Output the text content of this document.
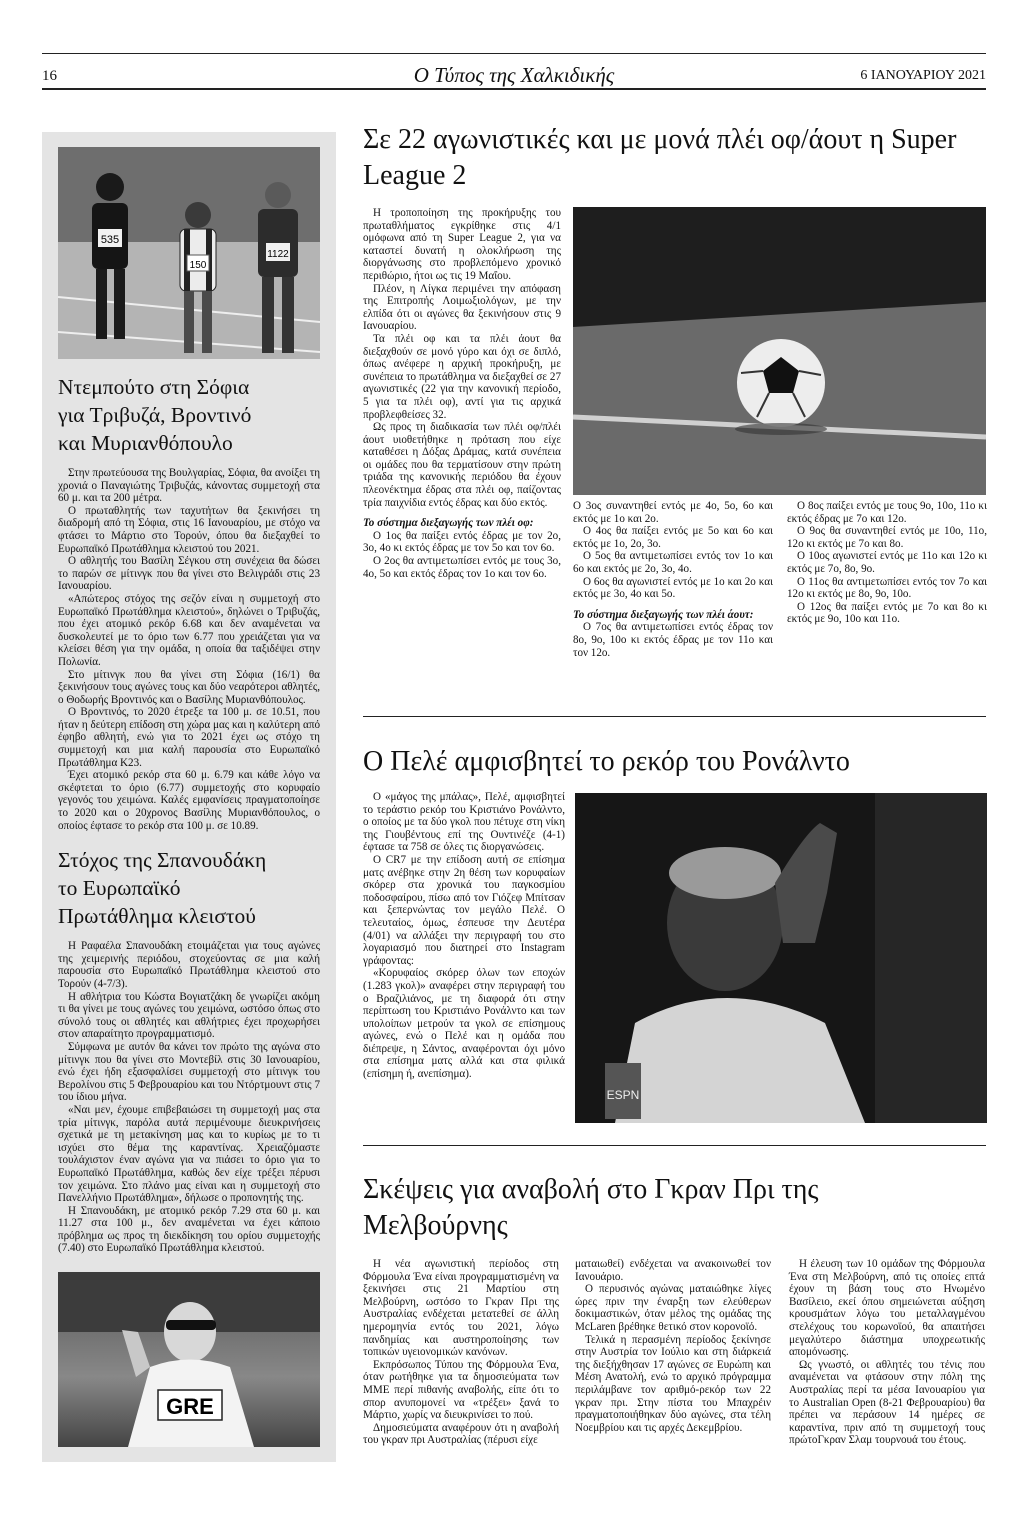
16	Ο Τύπος της Χαλκιδικής	6 ΙΑΝΟΥΑΡΙΟΥ 2021
535
150
1122
Ντεμπούτο στη Σόφια για Τριβυζά, Βροντινό και Μυριανθόπουλο

Στην πρωτεύουσα της Βουλγαρίας, Σόφια, θα ανοίξει τη χρονιά ο Παναγιώτης Τριβυζάς, κάνοντας συμμετοχή στα 60 μ. και τα 200 μέτρα.

Ο πρωταθλητής των ταχυτήτων θα ξεκινήσει τη διαδρομή από τη Σόφια, στις 16 Ιανουαρίου, με στόχο να φτάσει το Μάρτιο στο Τορούν, όπου θα διεξαχθεί το Ευρωπαϊκό Πρωτάθλημα κλειστού του 2021.

Ο αθλητής του Βασίλη Σέγκου στη συνέχεια θα δώσει το παρών σε μίτινγκ που θα γίνει στο Βελιγράδι στις 23 Ιανουαρίου.

«Απώτερος στόχος της σεζόν είναι η συμμετοχή στο Ευρωπαϊκό Πρωτάθλημα κλειστού», δηλώνει ο Τριβυζάς, που έχει ατομικό ρεκόρ 6.68 και δεν αναμένεται να δυσκολευτεί με το όριο των 6.77 που χρειάζεται για να κλείσει θέση για την ομάδα, η οποία θα ταξιδέψει στην Πολωνία.

Στο μίτινγκ που θα γίνει στη Σόφια (16/1) θα ξεκινήσουν τους αγώνες τους και δύο νεαρότεροι αθλητές, ο Θοδωρής Βροντινός και ο Βασίλης Μυριανθόπουλος.

Ο Βροντινός, το 2020 έτρεξε τα 100 μ. σε 10.51, που ήταν η δεύτερη επίδοση στη χώρα μας και η καλύτερη από έφηβο αθλητή, ενώ για το 2021 έχει ως στόχο τη συμμετοχή και μια καλή παρουσία στο Ευρωπαϊκό Πρωτάθλημα Κ23.

Έχει ατομικό ρεκόρ στα 60 μ. 6.79 και κάθε λόγο να σκέφτεται το όριο (6.77) συμμετοχής στο κορυφαίο γεγονός του χειμώνα. Καλές εμφανίσεις πραγματοποίησε το 2020 και ο 20χρονος Βασίλης Μυριανθόπουλος, ο οποίος έφτασε το ρεκόρ στα 100 μ. σε 10.89.

Στόχος της Σπανουδάκη το Ευρωπαϊκό Πρωτάθλημα κλειστού

Η Ραφαέλα Σπανουδάκη ετοιμάζεται για τους αγώνες της χειμερινής περιόδου, στοχεύοντας σε μια καλή παρουσία στο Ευρωπαϊκό Πρωτάθλημα κλειστού στο Τορούν (4-7/3).

Η αθλήτρια του Κώστα Βογιατζάκη δε γνωρίζει ακόμη τι θα γίνει με τους αγώνες του χειμώνα, ωστόσο όπως στο σύνολό τους οι αθλητές και αθλήτριες έχει προχωρήσει στον απαραίτητο προγραμματισμό.

Σύμφωνα με αυτόν θα κάνει τον πρώτο της αγώνα στο μίτινγκ που θα γίνει στο Μοντεβίλ στις 30 Ιανουαρίου, ενώ έχει ήδη εξασφαλίσει συμμετοχή στο μίτινγκ του Βερολίνου στις 5 Φεβρουαρίου και του Ντόρτμουντ στις 7 του ίδιου μήνα.

«Ναι μεν, έχουμε επιβεβαιώσει τη συμμετοχή μας στα τρία μίτινγκ, παρόλα αυτά περιμένουμε διευκρινήσεις σχετικά με τη μετακίνηση μας και το κυρίως με το τι ισχύει στο θέμα της καραντίνας. Χρειαζόμαστε τουλάχιστον έναν αγώνα για να πιάσει το όριο για το Ευρωπαϊκό Πρωτάθλημα, καθώς δεν είχε τρέξει πέρυσι τον χειμώνα. Στο πλάνο μας είναι και η συμμετοχή στο Πανελλήνιο Πρωτάθλημα», δήλωσε ο προπονητής της.

Η Σπανουδάκη, με ατομικό ρεκόρ 7.29 στα 60 μ. και 11.27 στα 100 μ., δεν αναμένεται να έχει κάποιο πρόβλημα ως προς τη διεκδίκηση του ορίου συμμετοχής (7.40) στο Ευρωπαϊκό Πρωτάθλημα κλειστού.

GRE
Σε 22 αγωνιστικές και με μονά πλέι οφ/άουτ η Super League 2

Η τροποποίηση της προκήρυξης του πρωταθλήματος εγκρίθηκε στις 4/1 ομόφωνα από τη Super League 2, για να καταστεί δυνατή η ολοκλήρωση της διοργάνωσης στο προβλεπόμενο χρονικό περιθώριο, ήτοι ως τις 19 Μαΐου.

Πλέον, η Λίγκα περιμένει την απόφαση της Επιτροπής Λοιμωξιολόγων, με την ελπίδα ότι οι αγώνες θα ξεκινήσουν στις 9 Ιανουαρίου.

Τα πλέι οφ και τα πλέι άουτ θα διεξαχθούν σε μονό γύρο και όχι σε διπλό, όπως ανέφερε η αρχική προκήρυξη, με συνέπεια το πρωτάθλημα να διεξαχθεί σε 27 αγωνιστικές (22 για την κανονική περίοδο, 5 για τα πλέι οφ), αντί για τις αρχικά προβλεφθείσες 32.

Ως προς τη διαδικασία των πλέι οφ/πλέι άουτ υιοθετήθηκε η πρόταση που είχε καταθέσει η Δόξας Δράμας, κατά συνέπεια οι ομάδες που θα τερματίσουν στην πρώτη τριάδα της κανονικής περιόδου θα έχουν πλεονέκτημα έδρας στα πλέι οφ, παίζοντας τρία παιχνίδια εντός έδρας και δύο εκτός.

Το σύστημα διεξαγωγής των πλέι οφ:

Ο 1ος θα παίξει εντός έδρας με τον 2ο, 3ο, 4ο κι εκτός έδρας με τον 5ο και τον 6ο.

Ο 2ος θα αντιμετωπίσει εντός με τους 3ο, 4ο, 5ο και εκτός έδρας τον 1ο και τον 6ο.

Ο 3ος συναντηθεί εντός με 4ο, 5ο, 6ο και εκτός με 1ο και 2ο.

Ο 4ος θα παίξει εντός με 5ο και 6ο και εκτός με 1ο, 2ο, 3ο.

Ο 5ος θα αντιμετωπίσει εντός τον 1ο και 6ο και εκτός με 2ο, 3ο, 4ο.

Ο 6ος θα αγωνιστεί εντός με 1ο και 2ο και εκτός με 3ο, 4ο και 5ο.

Το σύστημα διεξαγωγής των πλέι άουτ:

Ο 7ος θα αντιμετωπίσει εντός έδρας τον 8ο, 9ο, 10ο κι εκτός έδρας με τον 11ο και τον 12ο.

Ο 8ος παίξει εντός με τους 9ο, 10ο, 11ο κι εκτός έδρας με 7ο και 12ο.

Ο 9ος θα συναντηθεί εντός με 10ο, 11ο, 12ο κι εκτός με 7ο και 8ο.

Ο 10ος αγωνιστεί εντός με 11ο και 12ο κι εκτός με 7ο, 8ο, 9ο.

Ο 11ος θα αντιμετωπίσει εντός τον 7ο και 12ο κι εκτός με 8ο, 9ο, 10ο.

Ο 12ος θα παίξει εντός με 7ο και 8ο κι εκτός με 9ο, 10ο και 11ο.

Ο Πελέ αμφισβητεί το ρεκόρ του Ρονάλντο

Ο «μάγος της μπάλας», Πελέ, αμφισβητεί το τεράστιο ρεκόρ του Κριστιάνο Ρονάλντο, ο οποίος με τα δύο γκολ που πέτυχε στη νίκη της Γιουβέντους επί της Ουντινέζε (4-1) έφτασε τα 758 σε όλες τις διοργανώσεις.

Ο CR7 με την επίδοση αυτή σε επίσημα ματς ανέβηκε στην 2η θέση των κορυφαίων σκόρερ στα χρονικά του παγκοσμίου ποδοσφαίρου, πίσω από τον Γιόζεφ Μπίτσαν και ξεπερνώντας τον μεγάλο Πελέ. Ο τελευταίος, όμως, έσπευσε την Δευτέρα (4/01) να αλλάξει την περιγραφή του στο λογαριασμό που διατηρεί στο Instagram γράφοντας:

«Κορυφαίος σκόρερ όλων των εποχών (1.283 γκολ)» αναφέρει στην περιγραφή του ο Βραζιλιάνος, με τη διαφορά ότι στην περίπτωση του Κριστιάνο Ρονάλντο και των υπολοίπων μετρούν τα γκολ σε επίσημους αγώνες, ενώ ο Πελέ και η ομάδα που διέπρεψε, η Σάντος, αναφέρονται όχι μόνο στα επίσημα ματς αλλά και στα φιλικά (επίσημη ή, ανεπίσημα).

ESPN
Σκέψεις για αναβολή στο Γκραν Πρι της Μελβούρνης

Η νέα αγωνιστική περίοδος στη Φόρμουλα Ένα είναι προγραμματισμένη να ξεκινήσει στις 21 Μαρτίου στη Μελβούρνη, ωστόσο το Γκραν Πρι της Αυστραλίας ενδέχεται μετατεθεί σε άλλη ημερομηνία εντός του 2021, λόγω πανδημίας και αυστηροποίησης των τοπικών υγειονομικών κανόνων.

Εκπρόσωπος Τύπου της Φόρμουλα Ένα, όταν ρωτήθηκε για τα δημοσιεύματα των ΜΜΕ περί πιθανής αναβολής, είπε ότι το σπορ ανυπομονεί να «τρέξει» ξανά το Μάρτιο, χωρίς να διευκρινίσει το πού.

Δημοσιεύματα αναφέρουν ότι η αναβολή του γκραν πρι Αυστραλίας (πέρυσι είχε

ματαιωθεί) ενδέχεται να ανακοινωθεί τον Ιανουάριο.

Ο περυσινός αγώνας ματαιώθηκε λίγες ώρες πριν την έναρξη των ελεύθερων δοκιμαστικών, όταν μέλος της ομάδας της McLaren βρέθηκε θετικό στον κορονοϊό.

Τελικά η περασμένη περίοδος ξεκίνησε στην Αυστρία τον Ιούλιο και στη διάρκειά της διεξήχθησαν 17 αγώνες σε Ευρώπη και Μέση Ανατολή, ενώ το αρχικό πρόγραμμα περιλάμβανε τον αριθμό-ρεκόρ των 22 γκραν πρι. Στην πίστα του Μπαχρέιν πραγματοποιήθηκαν δύο αγώνες, στα τέλη Νοεμβρίου και τις αρχές Δεκεμβρίου.

Η έλευση των 10 ομάδων της Φόρμουλα Ένα στη Μελβούρνη, από τις οποίες επτά έχουν τη βάση τους στο Ηνωμένο Βασίλειο, εκεί όπου σημειώνεται αύξηση κρουσμάτων λόγω του μεταλλαγμένου στελέχους του κορωνοϊού, θα απαιτήσει μεγαλύτερο διάστημα υποχρεωτικής απομόνωσης.

Ως γνωστό, οι αθλητές του τένις που αναμένεται να φτάσουν στην πόλη της Αυστραλίας περί τα μέσα Ιανουαρίου για το Australian Open (8-21 Φεβρουαρίου) θα πρέπει να περάσουν 14 ημέρες σε καραντίνα, πριν από τη συμμετοχή τους πρώτοΓκραν Σλαμ τουρνουά του έτους.
